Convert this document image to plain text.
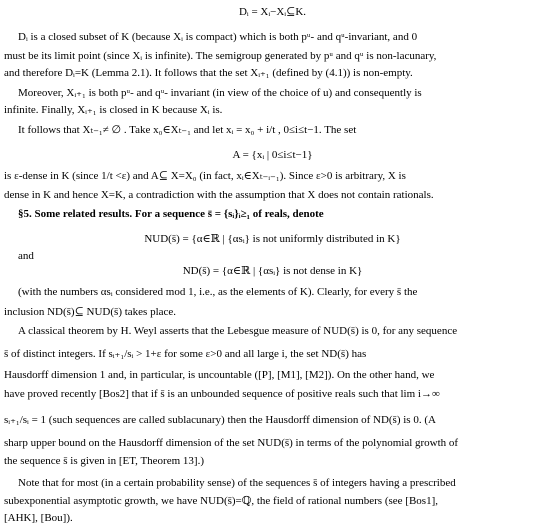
Dᵢ = Xᵢ−Xᵢ⊆K.
Dᵢ is a closed subset of K (because Xᵢ is compact) which is both pᵘ- and qᵘ-invariant, and 0
must be its limit point (since Xᵢ is infinite). The semigroup generated by pᵘ and qᵘ is non-lacunary,
and therefore Dᵢ=K (Lemma 2.1). It follows that the set Xᵢ₊₁ (defined by (4.1)) is non-empty.
Moreover, Xᵢ₊₁ is both pᵘ- and qᵘ- invariant (in view of the choice of u) and consequently is
infinite. Finally, Xᵢ₊₁ is closed in K because Xᵢ is.
It follows that Xₜ₋₁≠ ∅ . Take x₀∈Xₜ₋₁ and let xᵢ = x₀ + i/t , 0≤i≤t−1. The set
A = {xᵢ | 0≤i≤t−1}
is ε-dense in K (since 1/t <ε) and A⊆ X=X₀ (in fact, xᵢ∈Xₜ₋ᵢ₋₁). Since ε>0 is arbitrary, X is
dense in K and hence X=K, a contradiction with the assumption that X does not contain rationals.
§5. Some related results. For a sequence s̄ = {sᵢ}ᵢ≥₁ of reals, denote
NUD(s̄) = {α∈ℝ | {αsᵢ} is not uniformly distributed in K}
and
ND(s̄) = {α∈ℝ | {αsᵢ} is not dense in K}
(with the numbers αsᵢ considered mod 1, i.e., as the elements of K). Clearly, for every s̄ the
inclusion ND(s̄)⊆ NUD(s̄) takes place.
A classical theorem by H. Weyl asserts that the Lebesgue measure of NUD(s̄) is 0, for any sequence
s̄ of distinct integers. If sᵢ₊₁/sᵢ > 1+ε for some ε>0 and all large i, the set ND(s̄) has
Hausdorff dimension 1 and, in particular, is uncountable ([P], [M1], [M2]). On the other hand, we
have proved recently [Bos2] that if s̄ is an unbounded sequence of positive reals such that lim i→∞
sᵢ₊₁/sᵢ = 1 (such sequences are called sublacunary) then the Hausdorff dimension of ND(s̄) is 0. (A
sharp upper bound on the Hausdorff dimension of the set NUD(s̄) in terms of the polynomial growth of
the sequence s̄ is given in [ET, Theorem 13].)
Note that for most (in a certain probability sense) of the sequences s̄ of integers having a prescribed
subexponential asymptotic growth, we have NUD(s̄)=ℚ, the field of rational numbers (see [Bos1],
[AHK], [Bou]).
